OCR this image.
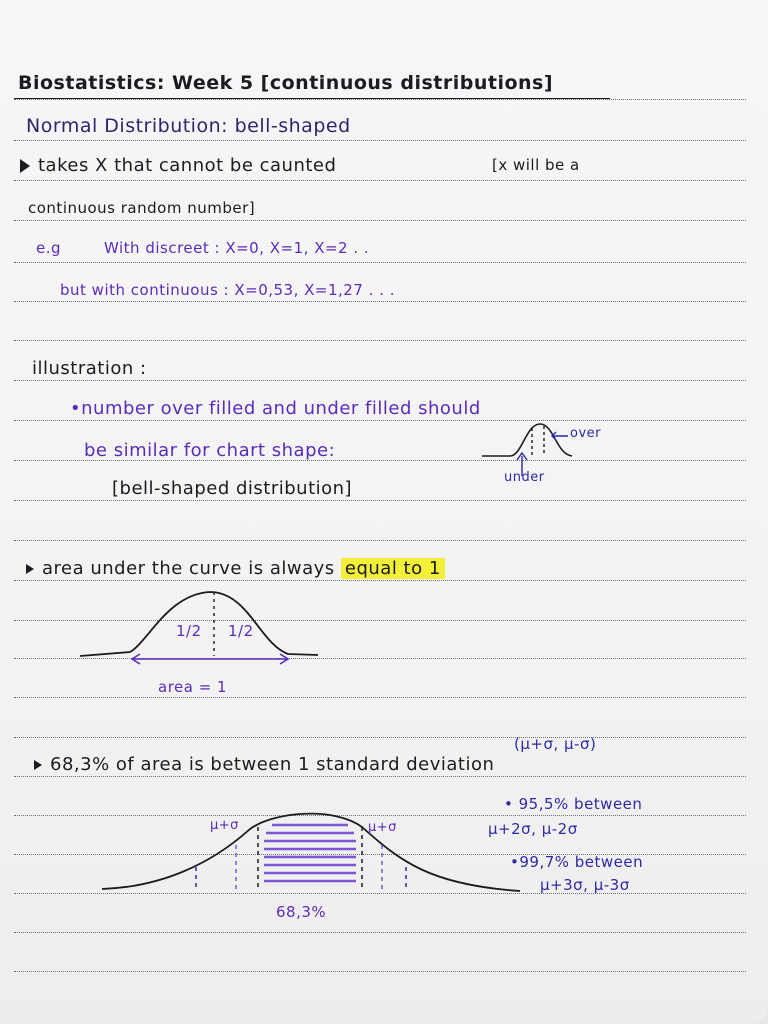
Biostatistics: Week 5 [continuous distributions]
Normal Distribution: bell-shaped
takes X that cannot be caunted	[x will be a
continuous random number]
e.g	With discreet : X=0, X=1, X=2 . .
but with continuous : X=0,53, X=1,27 . . .
illustration :
•number over filled and under filled should
be similar for chart shape:
[bell-shaped distribution]
over
under
area under the curve is always equal to 1
1/2 1/2
area = 1
(μ+σ, μ-σ)
68,3% of area is between 1 standard deviation
μ+σ	μ+σ
68,3%
• 95,5% between
μ+2σ, μ-2σ
•99,7% between
μ+3σ, μ-3σ
